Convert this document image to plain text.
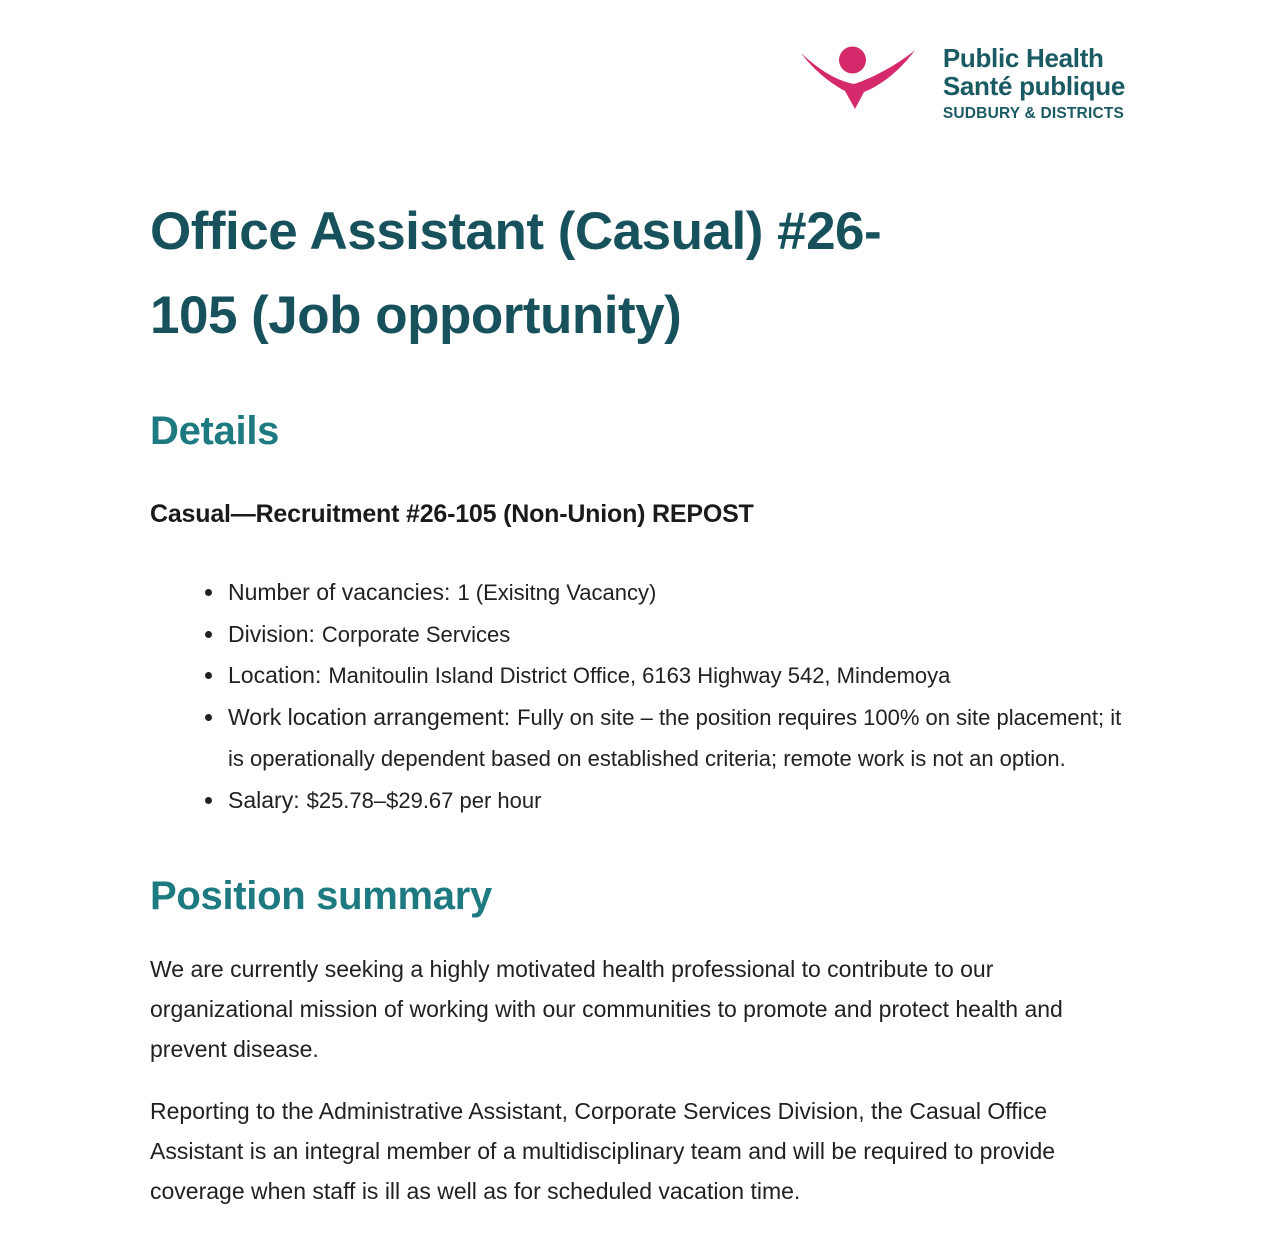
Public Health
Santé publique
SUDBURY & DISTRICTS
Office Assistant (Casual) #26-
105 (Job opportunity)
Details

Casual—Recruitment #26-105 (Non-Union) REPOST

• Number of vacancies: 1 (Exisitng Vacancy)
• Division: Corporate Services
• Location: Manitoulin Island District Office, 6163 Highway 542, Mindemoya
• Work location arrangement: Fully on site – the position requires 100% on site placement; it is operationally dependent based on established criteria; remote work is not an option.
• Salary: $25.78–$29.67 per hour
Position summary

We are currently seeking a highly motivated health professional to contribute to our organizational mission of working with our communities to promote and protect health and prevent disease.

Reporting to the Administrative Assistant, Corporate Services Division, the Casual Office Assistant is an integral member of a multidisciplinary team and will be required to provide coverage when staff is ill as well as for scheduled vacation time.
